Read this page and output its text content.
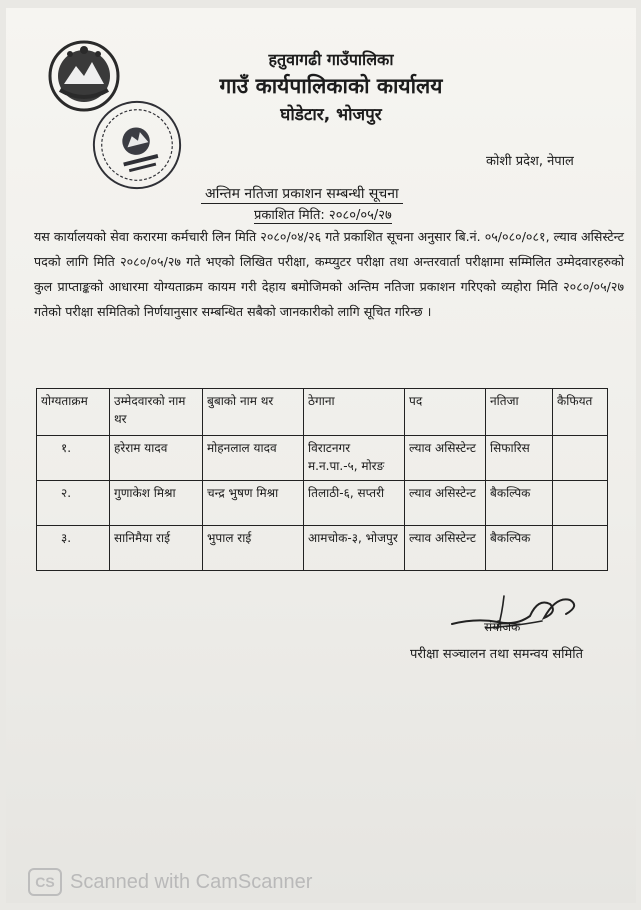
हतुवागढी गाउँपालिका
गाउँ कार्यपालिकाको कार्यालय
घोडेटार, भोजपुर
कोशी प्रदेश, नेपाल
अन्तिम नतिजा प्रकाशन सम्बन्धी सूचना
प्रकाशित मिति: २०८०/०५/२७
यस कार्यालयको सेवा करारमा कर्मचारी लिन मिति २०८०/०४/२६ गते प्रकाशित सूचना अनुसार बि.नं. ०५/०८०/०८१, ल्याव असिस्टेन्ट पदको लागि मिति २०८०/०५/२७ गते भएको लिखित परीक्षा, कम्प्युटर परीक्षा तथा अन्तरवार्ता परीक्षामा सम्मिलित उम्मेदवारहरुको कुल प्राप्ताङ्कको आधारमा योग्यताक्रम कायम गरी देहाय बमोजिमको अन्तिम नतिजा प्रकाशन गरिएको व्यहोरा मिति २०८०/०५/२७ गतेको परीक्षा समितिको निर्णयानुसार सम्बन्धित सबैको जानकारीको लागि सूचित गरिन्छ ।
योग्यताक्रम	उम्मेदवारको नाम थर	बुबाको नाम थर	ठेगाना	पद	नतिजा	कैफियत
१.	हरेराम यादव	मोहनलाल यादव	विराटनगर म.न.पा.-५, मोरङ	ल्याव असिस्टेन्ट	सिफारिस	
२.	गुणाकेश मिश्रा	चन्द्र भुषण मिश्रा	तिलाठी-६, सप्तरी	ल्याव असिस्टेन्ट	बैकल्पिक	
३.	सानिमैया राई	भुपाल राई	आमचोक-३, भोजपुर	ल्याव असिस्टेन्ट	बैकल्पिक	
संयोजक
परीक्षा सञ्चालन तथा समन्वय समिति
CS Scanned with CamScanner
